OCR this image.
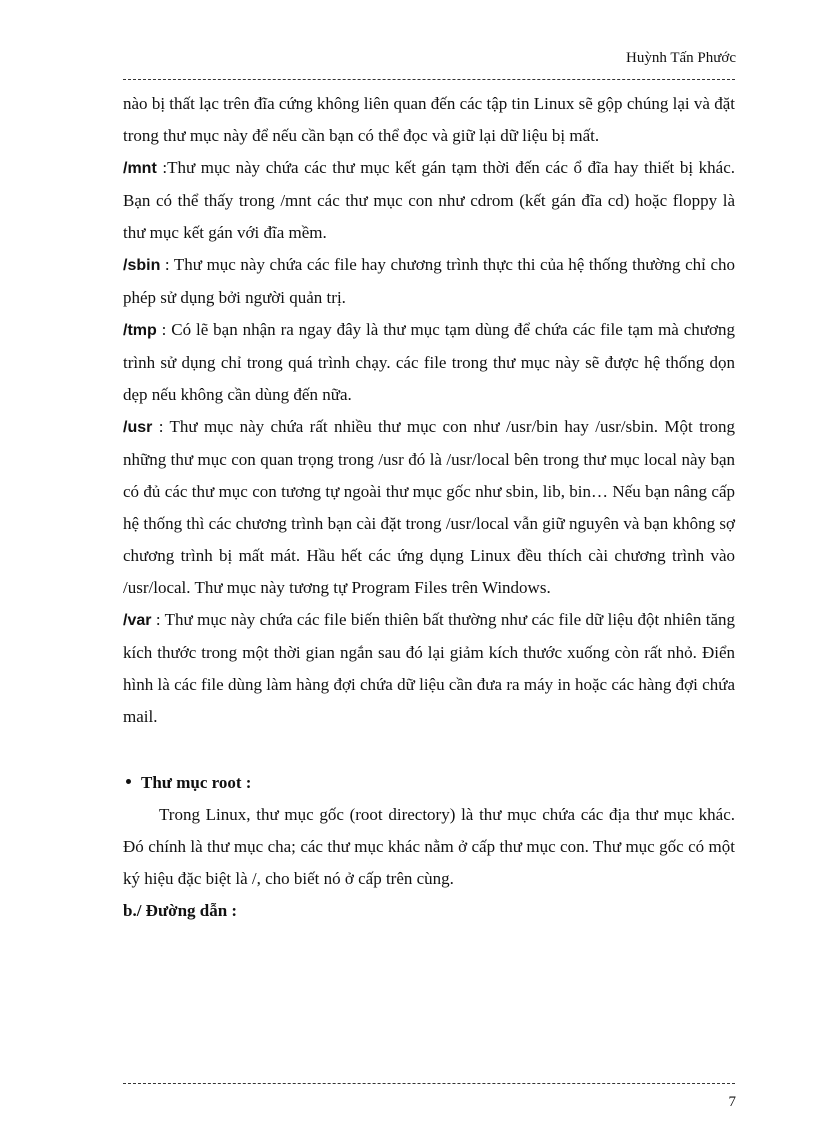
Huỳnh Tấn Phước

nào bị thất lạc trên đĩa cứng không liên quan đến các tập tin Linux sẽ gộp chúng lại và đặt trong thư mục này để nếu cần bạn có thể đọc và giữ lại dữ liệu bị mất.

/mnt :Thư mục này chứa các thư mục kết gán tạm thời đến các ổ đĩa hay thiết bị khác. Bạn có thể thấy trong /mnt các thư mục con như cdrom (kết gán đĩa cd) hoặc floppy là thư mục kết gán với đĩa mềm.

/sbin : Thư mục này chứa các file hay chương trình thực thi của hệ thống thường chỉ cho phép sử dụng bởi người quản trị.

/tmp : Có lẽ bạn nhận ra ngay đây là thư mục tạm dùng để chứa các file tạm mà chương trình sử dụng chỉ trong quá trình chạy. các file trong thư mục này sẽ được hệ thống dọn dẹp nếu không cần dùng đến nữa.

/usr : Thư mục này chứa rất nhiều thư mục con như /usr/bin hay /usr/sbin. Một trong những thư mục con quan trọng trong /usr đó là /usr/local bên trong thư mục local này bạn có đủ các thư mục con tương tự ngoài thư mục gốc như sbin, lib, bin… Nếu bạn nâng cấp hệ thống thì các chương trình bạn cài đặt trong /usr/local vẫn giữ nguyên và bạn không sợ chương trình bị mất mát. Hầu hết các ứng dụng Linux đều thích cài chương trình vào /usr/local. Thư mục này tương tự Program Files trên Windows.

/var : Thư mục này chứa các file biến thiên bất thường như các file dữ liệu đột nhiên tăng kích thước trong một thời gian ngắn sau đó lại giảm kích thước xuống còn rất nhỏ. Điển hình là các file dùng làm hàng đợi chứa dữ liệu cần đưa ra máy in hoặc các hàng đợi chứa mail.

Thư mục root :

Trong Linux, thư mục gốc (root directory) là thư mục chứa các địa thư mục khác. Đó chính là thư mục cha; các thư mục khác nằm ở cấp thư mục con. Thư mục gốc có một ký hiệu đặc biệt là /, cho biết nó ở cấp trên cùng.

b./ Đường dẫn :

7
